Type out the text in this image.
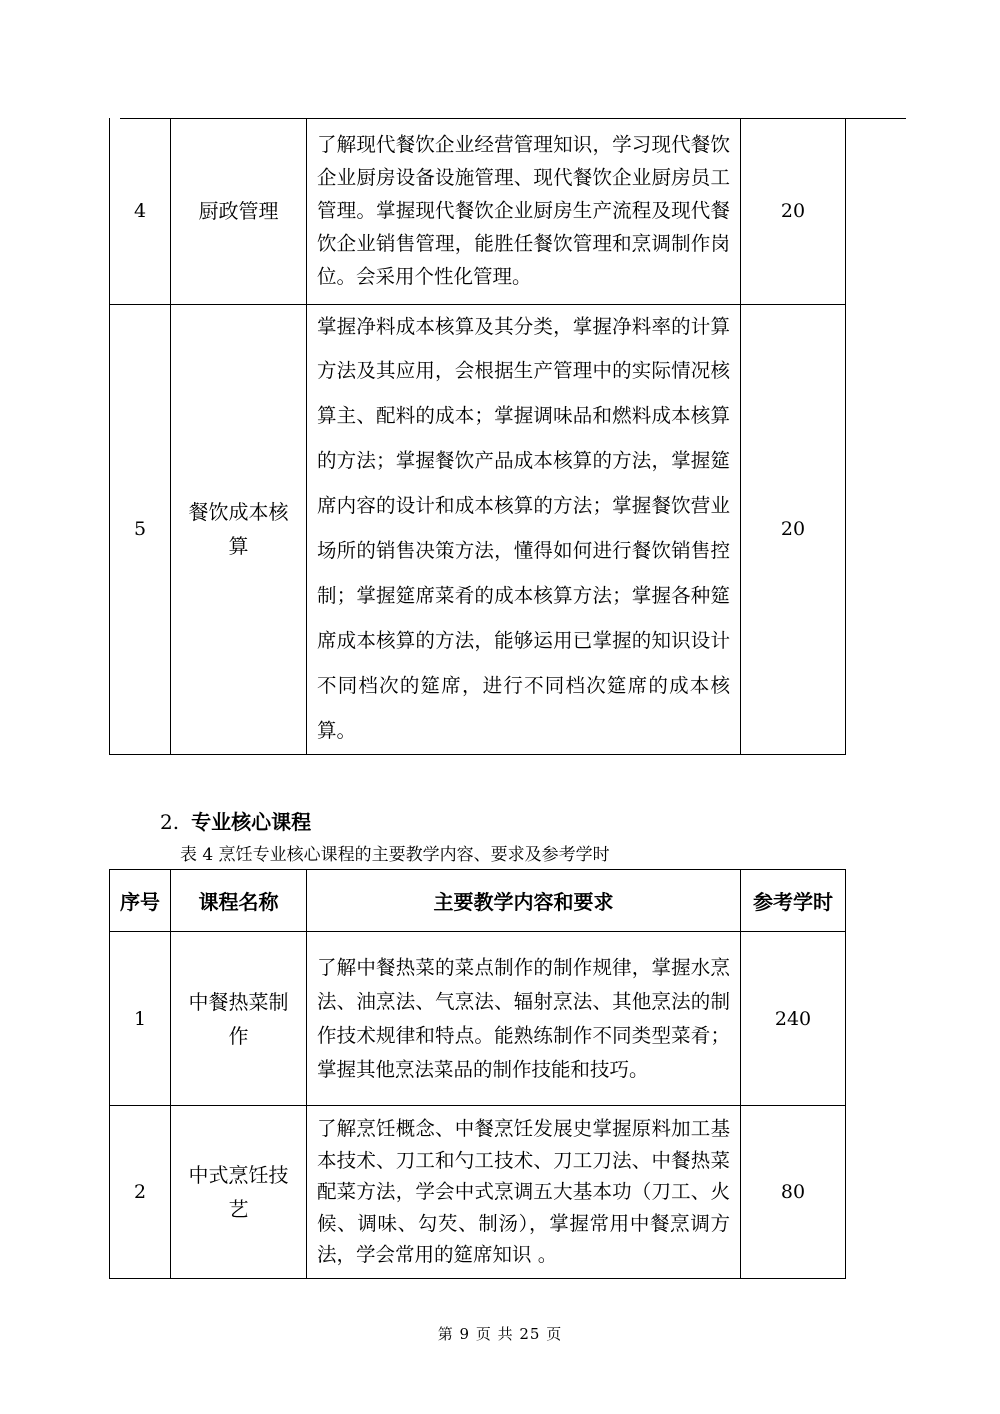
4	厨政管理	了解现代餐饮企业经营管理知识，学习现代餐饮企业厨房设备设施管理、现代餐饮企业厨房员工管理。掌握现代餐饮企业厨房生产流程及现代餐饮企业销售管理，能胜任餐饮管理和烹调制作岗位。会采用个性化管理。	20
5	餐饮成本核算	掌握净料成本核算及其分类，掌握净料率的计算方法及其应用，会根据生产管理中的实际情况核算主、配料的成本；掌握调味品和燃料成本核算的方法；掌握餐饮产品成本核算的方法，掌握筵席内容的设计和成本核算的方法；掌握餐饮营业场所的销售决策方法，懂得如何进行餐饮销售控制；掌握筵席菜肴的成本核算方法；掌握各种筵席成本核算的方法，能够运用已掌握的知识设计不同档次的筵席，进行不同档次筵席的成本核算。	20
2. 专业核心课程
表 4 烹饪专业核心课程的主要教学内容、要求及参考学时
序号	课程名称	主要教学内容和要求	参考学时
1	中餐热菜制作	了解中餐热菜的菜点制作的制作规律，掌握水烹法、油烹法、气烹法、辐射烹法、其他烹法的制作技术规律和特点。能熟练制作不同类型菜肴；掌握其他烹法菜品的制作技能和技巧。	240
2	中式烹饪技艺	了解烹饪概念、中餐烹饪发展史掌握原料加工基本技术、刀工和勺工技术、刀工刀法、中餐热菜配菜方法，学会中式烹调五大基本功（刀工、火候、调味、勾芡、制汤），掌握常用中餐烹调方法，学会常用的筵席知识 。	80
第 9 页 共 25 页
